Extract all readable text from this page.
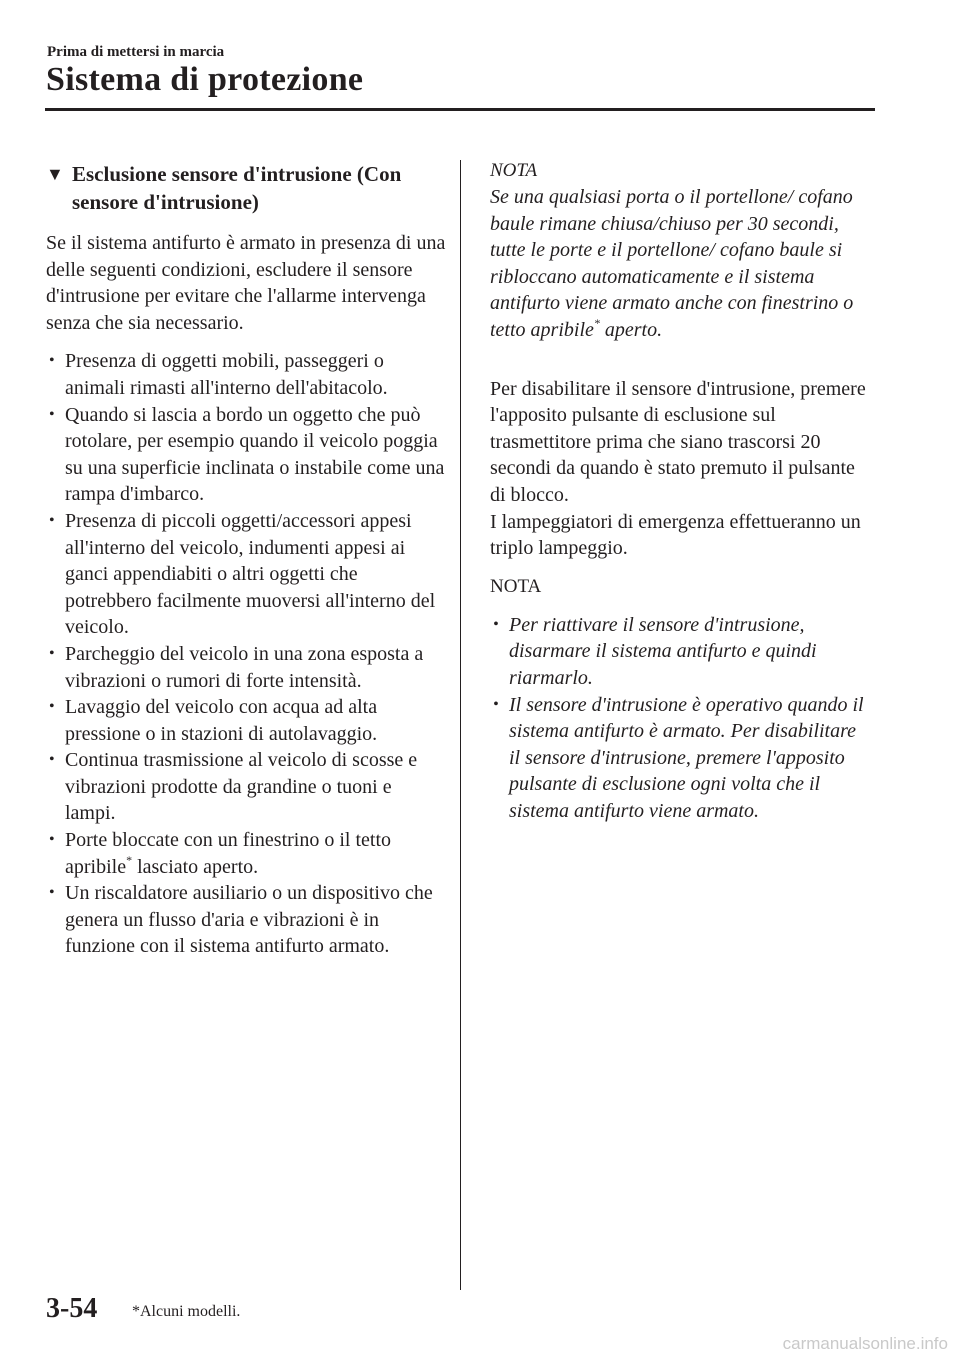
Prima di mettersi in marcia
Sistema di protezione
▼ Esclusione sensore d'intrusione (Con
sensore d'intrusione)

Se il sistema antifurto è armato in presenza di una delle seguenti condizioni, escludere il sensore d'intrusione per evitare che l'allarme intervenga senza che sia necessario.

• Presenza di oggetti mobili, passeggeri o animali rimasti all'interno dell'abitacolo.
• Quando si lascia a bordo un oggetto che può rotolare, per esempio quando il veicolo poggia su una superficie inclinata o instabile come una rampa d'imbarco.
• Presenza di piccoli oggetti/accessori appesi all'interno del veicolo, indumenti appesi ai ganci appendiabiti o altri oggetti che potrebbero facilmente muoversi all'interno del veicolo.
• Parcheggio del veicolo in una zona esposta a vibrazioni o rumori di forte intensità.
• Lavaggio del veicolo con acqua ad alta pressione o in stazioni di autolavaggio.
• Continua trasmissione al veicolo di scosse e vibrazioni prodotte da grandine o tuoni e lampi.
• Porte bloccate con un finestrino o il tetto apribile* lasciato aperto.
• Un riscaldatore ausiliario o un dispositivo che genera un flusso d'aria e vibrazioni è in funzione con il sistema antifurto armato.

NOTA

Se una qualsiasi porta o il portellone/ cofano baule rimane chiusa/chiuso per 30 secondi, tutte le porte e il portellone/ cofano baule si ribloccano automaticamente e il sistema antifurto viene armato anche con finestrino o tetto apribile* aperto.

Per disabilitare il sensore d'intrusione, premere l'apposito pulsante di esclusione sul trasmettitore prima che siano trascorsi 20 secondi da quando è stato premuto il pulsante di blocco.

I lampeggiatori di emergenza effettueranno un triplo lampeggio.

NOTA

• Per riattivare il sensore d'intrusione, disarmare il sistema antifurto e quindi riarmarlo.
• Il sensore d'intrusione è operativo quando il sistema antifurto è armato. Per disabilitare il sensore d'intrusione, premere l'apposito pulsante di esclusione ogni volta che il sistema antifurto viene armato.
3-54 *Alcuni modelli.
carmanualsonline.info
